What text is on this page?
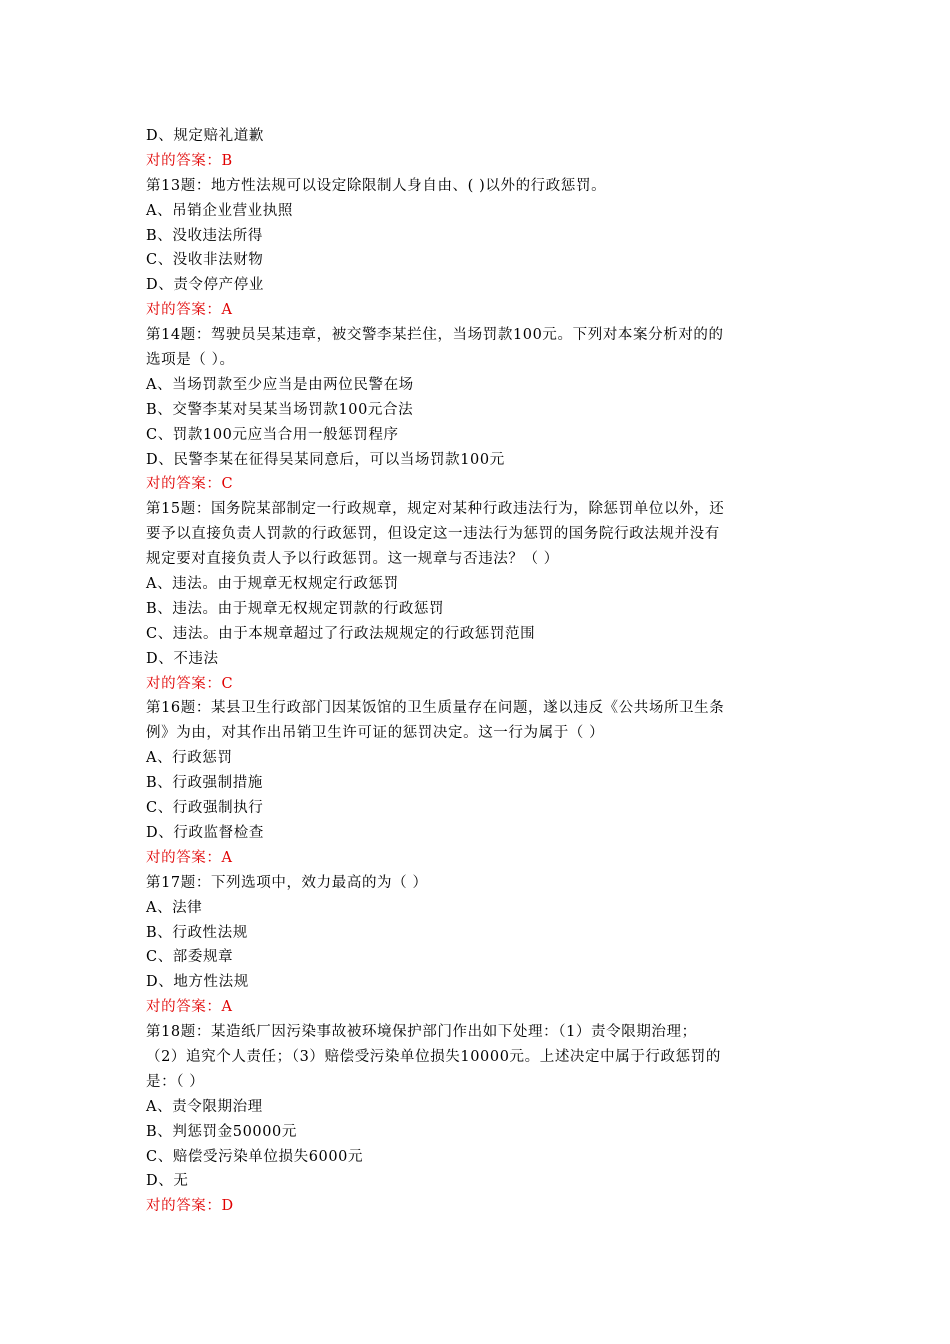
D、规定赔礼道歉
对的答案：B
第13题：地方性法规可以设定除限制人身自由、( )以外的行政惩罚。
A、吊销企业营业执照
B、没收违法所得
C、没收非法财物
D、责令停产停业
对的答案：A
第14题：驾驶员吴某违章，被交警李某拦住，当场罚款100元。下列对本案分析对的的
选项是（ ）。
A、当场罚款至少应当是由两位民警在场
B、交警李某对吴某当场罚款100元合法
C、罚款100元应当合用一般惩罚程序
D、民警李某在征得吴某同意后，可以当场罚款100元
对的答案：C
第15题：国务院某部制定一行政规章，规定对某种行政违法行为，除惩罚单位以外，还
要予以直接负责人罚款的行政惩罚，但设定这一违法行为惩罚的国务院行政法规并没有
规定要对直接负责人予以行政惩罚。这一规章与否违法？（ ）
A、违法。由于规章无权规定行政惩罚
B、违法。由于规章无权规定罚款的行政惩罚
C、违法。由于本规章超过了行政法规规定的行政惩罚范围
D、不违法
对的答案：C
第16题：某县卫生行政部门因某饭馆的卫生质量存在问题，遂以违反《公共场所卫生条
例》为由，对其作出吊销卫生许可证的惩罚决定。这一行为属于（ ）
A、行政惩罚
B、行政强制措施
C、行政强制执行
D、行政监督检查
对的答案：A
第17题：下列选项中，效力最高的为（ ）
A、法律
B、行政性法规
C、部委规章
D、地方性法规
对的答案：A
第18题：某造纸厂因污染事故被环境保护部门作出如下处理：（1）责令限期治理；
（2）追究个人责任；（3）赔偿受污染单位损失10000元。上述决定中属于行政惩罚的
是：（ ）
A、责令限期治理
B、判惩罚金50000元
C、赔偿受污染单位损失6000元
D、无
对的答案：D
